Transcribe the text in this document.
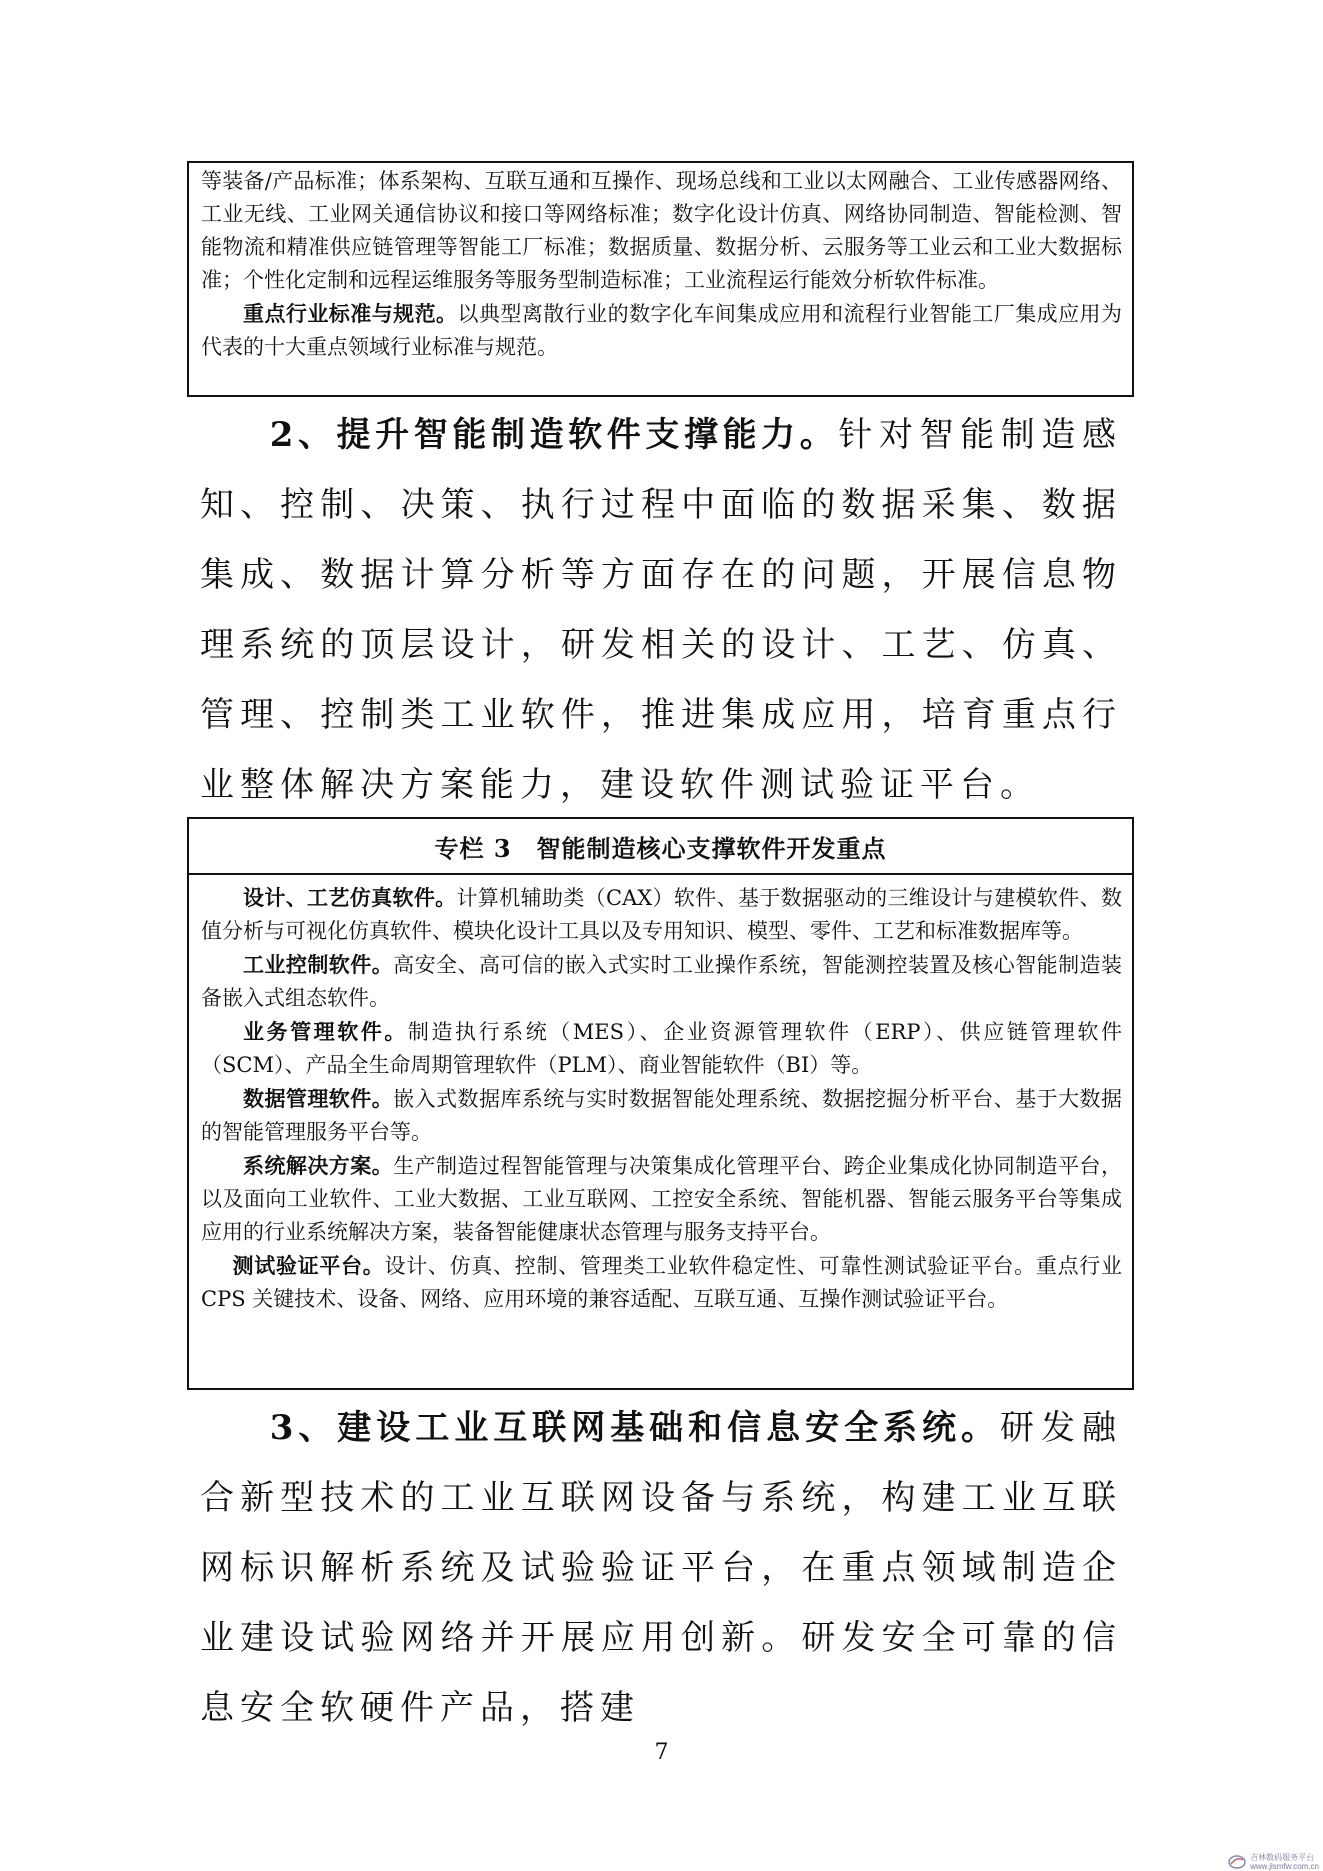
等装备/产品标准；体系架构、互联互通和互操作、现场总线和工业以太网融合、工业传感器网络、工业无线、工业网关通信协议和接口等网络标准；数字化设计仿真、网络协同制造、智能检测、智能物流和精准供应链管理等智能工厂标准；数据质量、数据分析、云服务等工业云和工业大数据标准；个性化定制和远程运维服务等服务型制造标准；工业流程运行能效分析软件标准。

重点行业标准与规范。以典型离散行业的数字化车间集成应用和流程行业智能工厂集成应用为代表的十大重点领域行业标准与规范。

2、提升智能制造软件支撑能力。针对智能制造感知、控制、决策、执行过程中面临的数据采集、数据集成、数据计算分析等方面存在的问题，开展信息物理系统的顶层设计，研发相关的设计、工艺、仿真、管理、控制类工业软件，推进集成应用，培育重点行业整体解决方案能力，建设软件测试验证平台。

专栏 3　智能制造核心支撑软件开发重点

设计、工艺仿真软件。计算机辅助类（CAX）软件、基于数据驱动的三维设计与建模软件、数值分析与可视化仿真软件、模块化设计工具以及专用知识、模型、零件、工艺和标准数据库等。

工业控制软件。高安全、高可信的嵌入式实时工业操作系统，智能测控装置及核心智能制造装备嵌入式组态软件。

业务管理软件。制造执行系统（MES）、企业资源管理软件（ERP）、供应链管理软件（SCM）、产品全生命周期管理软件（PLM）、商业智能软件（BI）等。

数据管理软件。嵌入式数据库系统与实时数据智能处理系统、数据挖掘分析平台、基于大数据的智能管理服务平台等。

系统解决方案。生产制造过程智能管理与决策集成化管理平台、跨企业集成化协同制造平台，以及面向工业软件、工业大数据、工业互联网、工控安全系统、智能机器、智能云服务平台等集成应用的行业系统解决方案，装备智能健康状态管理与服务支持平台。

测试验证平台。设计、仿真、控制、管理类工业软件稳定性、可靠性测试验证平台。重点行业 CPS 关键技术、设备、网络、应用环境的兼容适配、互联互通、互操作测试验证平台。

3、建设工业互联网基础和信息安全系统。研发融合新型技术的工业互联网设备与系统，构建工业互联网标识解析系统及试验验证平台，在重点领域制造企业建设试验网络并开展应用创新。研发安全可靠的信息安全软硬件产品，搭建

7
吉林数码服务平台
www.jlsmfw.com.cn
